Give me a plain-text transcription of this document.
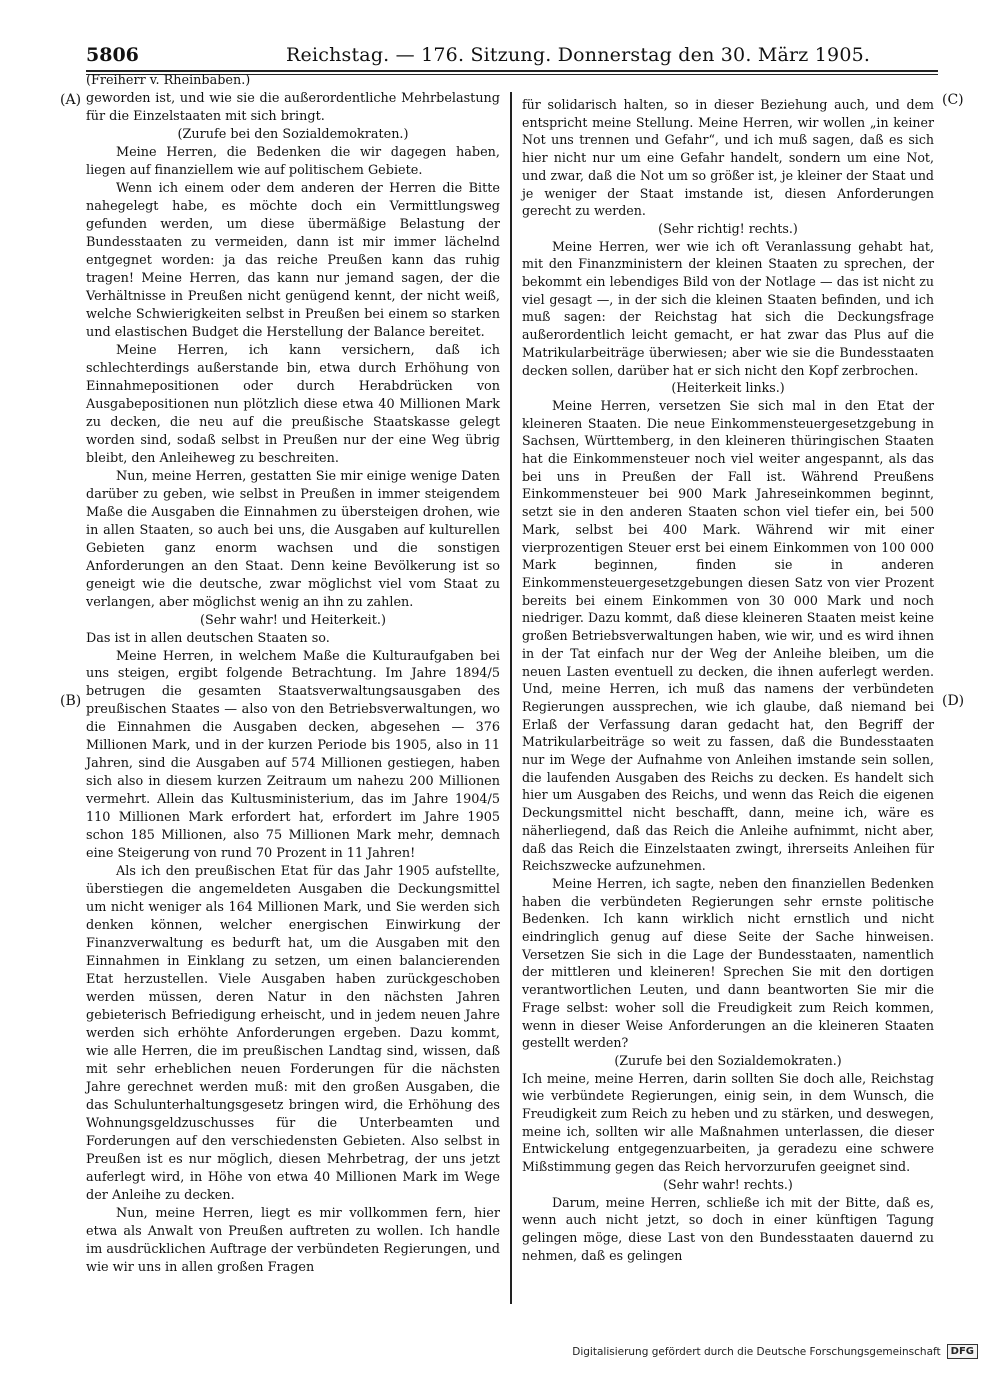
5806	Reichstag. — 176. Sitzung. Donnerstag den 30. März 1905.
(A)
(B)
(C)
(D)

(Freiherr v. Rheinbaben.)

geworden ist, und wie sie die außerordentliche Mehrbelastung für die Einzelstaaten mit sich bringt.

(Zurufe bei den Sozialdemokraten.)

Meine Herren, die Bedenken die wir dagegen haben, liegen auf finanziellem wie auf politischem Gebiete.

Wenn ich einem oder dem anderen der Herren die Bitte nahegelegt habe, es möchte doch ein Vermittlungsweg gefunden werden, um diese übermäßige Belastung der Bundesstaaten zu vermeiden, dann ist mir immer lächelnd entgegnet worden: ja das reiche Preußen kann das ruhig tragen! Meine Herren, das kann nur jemand sagen, der die Verhältnisse in Preußen nicht genügend kennt, der nicht weiß, welche Schwierigkeiten selbst in Preußen bei einem so starken und elastischen Budget die Herstellung der Balance bereitet.

Meine Herren, ich kann versichern, daß ich schlechterdings außerstande bin, etwa durch Erhöhung von Einnahmepositionen oder durch Herabdrücken von Ausgabepositionen nun plötzlich diese etwa 40 Millionen Mark zu decken, die neu auf die preußische Staatskasse gelegt worden sind, sodaß selbst in Preußen nur der eine Weg übrig bleibt, den Anleiheweg zu beschreiten.

Nun, meine Herren, gestatten Sie mir einige wenige Daten darüber zu geben, wie selbst in Preußen in immer steigendem Maße die Ausgaben die Einnahmen zu übersteigen drohen, wie in allen Staaten, so auch bei uns, die Ausgaben auf kulturellen Gebieten ganz enorm wachsen und die sonstigen Anforderungen an den Staat. Denn keine Bevölkerung ist so geneigt wie die deutsche, zwar möglichst viel vom Staat zu verlangen, aber möglichst wenig an ihn zu zahlen.

(Sehr wahr! und Heiterkeit.)

Das ist in allen deutschen Staaten so.

Meine Herren, in welchem Maße die Kulturaufgaben bei uns steigen, ergibt folgende Betrachtung. Im Jahre 1894/5 betrugen die gesamten Staatsverwaltungsausgaben des preußischen Staates — also von den Betriebsverwaltungen, wo die Einnahmen die Ausgaben decken, abgesehen — 376 Millionen Mark, und in der kurzen Periode bis 1905, also in 11 Jahren, sind die Ausgaben auf 574 Millionen gestiegen, haben sich also in diesem kurzen Zeitraum um nahezu 200 Millionen vermehrt. Allein das Kultusministerium, das im Jahre 1904/5 110 Millionen Mark erfordert hat, erfordert im Jahre 1905 schon 185 Millionen, also 75 Millionen Mark mehr, demnach eine Steigerung von rund 70 Prozent in 11 Jahren!

Als ich den preußischen Etat für das Jahr 1905 aufstellte, überstiegen die angemeldeten Ausgaben die Deckungsmittel um nicht weniger als 164 Millionen Mark, und Sie werden sich denken können, welcher energischen Einwirkung der Finanzverwaltung es bedurft hat, um die Ausgaben mit den Einnahmen in Einklang zu setzen, um einen balancierenden Etat herzustellen. Viele Ausgaben haben zurückgeschoben werden müssen, deren Natur in den nächsten Jahren gebieterisch Befriedigung erheischt, und in jedem neuen Jahre werden sich erhöhte Anforderungen ergeben. Dazu kommt, wie alle Herren, die im preußischen Landtag sind, wissen, daß mit sehr erheblichen neuen Forderungen für die nächsten Jahre gerechnet werden muß: mit den großen Ausgaben, die das Schulunterhaltungsgesetz bringen wird, die Erhöhung des Wohnungsgeldzuschusses für die Unterbeamten und Forderungen auf den verschiedensten Gebieten. Also selbst in Preußen ist es nur möglich, diesen Mehrbetrag, der uns jetzt auferlegt wird, in Höhe von etwa 40 Millionen Mark im Wege der Anleihe zu decken.

Nun, meine Herren, liegt es mir vollkommen fern, hier etwa als Anwalt von Preußen auftreten zu wollen. Ich handle im ausdrücklichen Auftrage der verbündeten Regierungen, und wie wir uns in allen großen Fragen

für solidarisch halten, so in dieser Beziehung auch, und dem entspricht meine Stellung. Meine Herren, wir wollen „in keiner Not uns trennen und Gefahr“, und ich muß sagen, daß es sich hier nicht nur um eine Gefahr handelt, sondern um eine Not, und zwar, daß die Not um so größer ist, je kleiner der Staat und je weniger der Staat imstande ist, diesen Anforderungen gerecht zu werden.

(Sehr richtig! rechts.)

Meine Herren, wer wie ich oft Veranlassung gehabt hat, mit den Finanzministern der kleinen Staaten zu sprechen, der bekommt ein lebendiges Bild von der Notlage — das ist nicht zu viel gesagt —, in der sich die kleinen Staaten befinden, und ich muß sagen: der Reichstag hat sich die Deckungsfrage außerordentlich leicht gemacht, er hat zwar das Plus auf die Matrikularbeiträge überwiesen; aber wie sie die Bundesstaaten decken sollen, darüber hat er sich nicht den Kopf zerbrochen.

(Heiterkeit links.)

Meine Herren, versetzen Sie sich mal in den Etat der kleineren Staaten. Die neue Einkommensteuergesetzgebung in Sachsen, Württemberg, in den kleineren thüringischen Staaten hat die Einkommensteuer noch viel weiter angespannt, als das bei uns in Preußen der Fall ist. Während Preußens Einkommensteuer bei 900 Mark Jahreseinkommen beginnt, setzt sie in den anderen Staaten schon viel tiefer ein, bei 500 Mark, selbst bei 400 Mark. Während wir mit einer vierprozentigen Steuer erst bei einem Einkommen von 100 000 Mark beginnen, finden sie in anderen Einkommensteuergesetzgebungen diesen Satz von vier Prozent bereits bei einem Einkommen von 30 000 Mark und noch niedriger. Dazu kommt, daß diese kleineren Staaten meist keine großen Betriebsverwaltungen haben, wie wir, und es wird ihnen in der Tat einfach nur der Weg der Anleihe bleiben, um die neuen Lasten eventuell zu decken, die ihnen auferlegt werden. Und, meine Herren, ich muß das namens der verbündeten Regierungen aussprechen, wie ich glaube, daß niemand bei Erlaß der Verfassung daran gedacht hat, den Begriff der Matrikularbeiträge so weit zu fassen, daß die Bundesstaaten nur im Wege der Aufnahme von Anleihen imstande sein sollen, die laufenden Ausgaben des Reichs zu decken. Es handelt sich hier um Ausgaben des Reichs, und wenn das Reich die eigenen Deckungsmittel nicht beschafft, dann, meine ich, wäre es näherliegend, daß das Reich die Anleihe aufnimmt, nicht aber, daß das Reich die Einzelstaaten zwingt, ihrerseits Anleihen für Reichszwecke aufzunehmen.

Meine Herren, ich sagte, neben den finanziellen Bedenken haben die verbündeten Regierungen sehr ernste politische Bedenken. Ich kann wirklich nicht ernstlich und nicht eindringlich genug auf diese Seite der Sache hinweisen. Versetzen Sie sich in die Lage der Bundesstaaten, namentlich der mittleren und kleineren! Sprechen Sie mit den dortigen verantwortlichen Leuten, und dann beantworten Sie mir die Frage selbst: woher soll die Freudigkeit zum Reich kommen, wenn in dieser Weise Anforderungen an die kleineren Staaten gestellt werden?

(Zurufe bei den Sozialdemokraten.)

Ich meine, meine Herren, darin sollten Sie doch alle, Reichstag wie verbündete Regierungen, einig sein, in dem Wunsch, die Freudigkeit zum Reich zu heben und zu stärken, und deswegen, meine ich, sollten wir alle Maßnahmen unterlassen, die dieser Entwickelung entgegenzuarbeiten, ja geradezu eine schwere Mißstimmung gegen das Reich hervorzurufen geeignet sind.

(Sehr wahr! rechts.)

Darum, meine Herren, schließe ich mit der Bitte, daß es, wenn auch nicht jetzt, so doch in einer künftigen Tagung gelingen möge, diese Last von den Bundesstaaten dauernd zu nehmen, daß es gelingen

Digitalisierung gefördert durch die Deutsche Forschungsgemeinschaft	DFG
